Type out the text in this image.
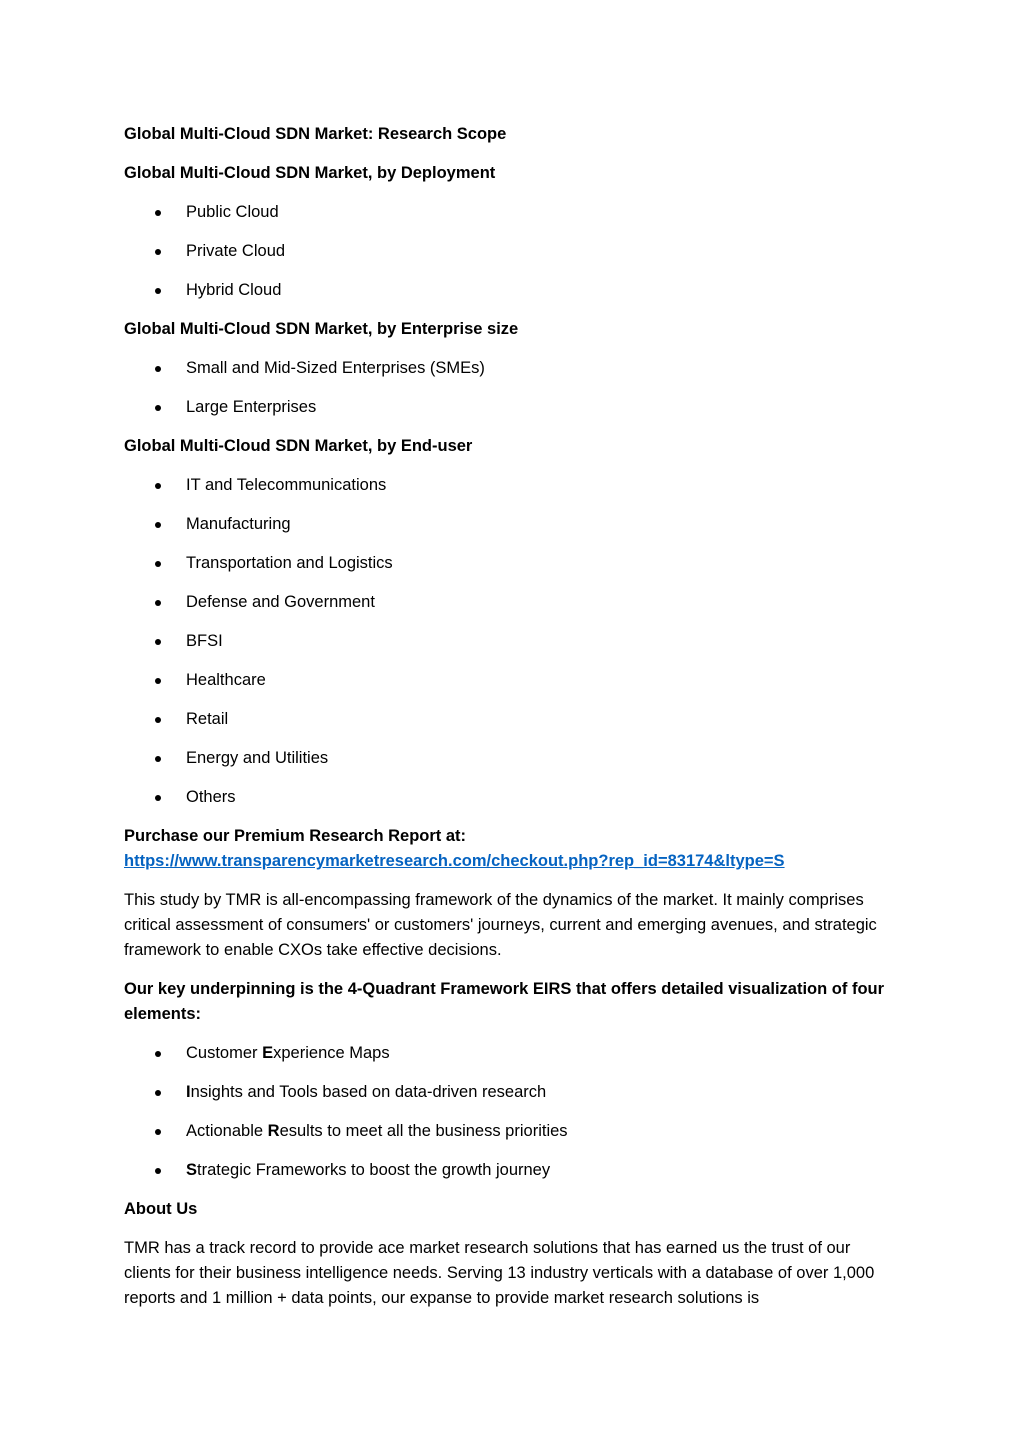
Global Multi-Cloud SDN Market: Research Scope

Global Multi-Cloud SDN Market, by Deployment

Public Cloud
Private Cloud
Hybrid Cloud

Global Multi-Cloud SDN Market, by Enterprise size

Small and Mid-Sized Enterprises (SMEs)
Large Enterprises

Global Multi-Cloud SDN Market, by End-user

IT and Telecommunications
Manufacturing
Transportation and Logistics
Defense and Government
BFSI
Healthcare
Retail
Energy and Utilities
Others
Purchase our Premium Research Report at:
https://www.transparencymarketresearch.com/checkout.php?rep_id=83174&ltype=S

This study by TMR is all-encompassing framework of the dynamics of the market. It mainly comprises critical assessment of consumers' or customers' journeys, current and emerging avenues, and strategic framework to enable CXOs take effective decisions.

Our key underpinning is the 4-Quadrant Framework EIRS that offers detailed visualization of four elements:

Customer Experience Maps
Insights and Tools based on data-driven research
Actionable Results to meet all the business priorities
Strategic Frameworks to boost the growth journey

About Us

TMR has a track record to provide ace market research solutions that has earned us the trust of our clients for their business intelligence needs. Serving 13 industry verticals with a database of over 1,000 reports and 1 million + data points, our expanse to provide market research solutions is
